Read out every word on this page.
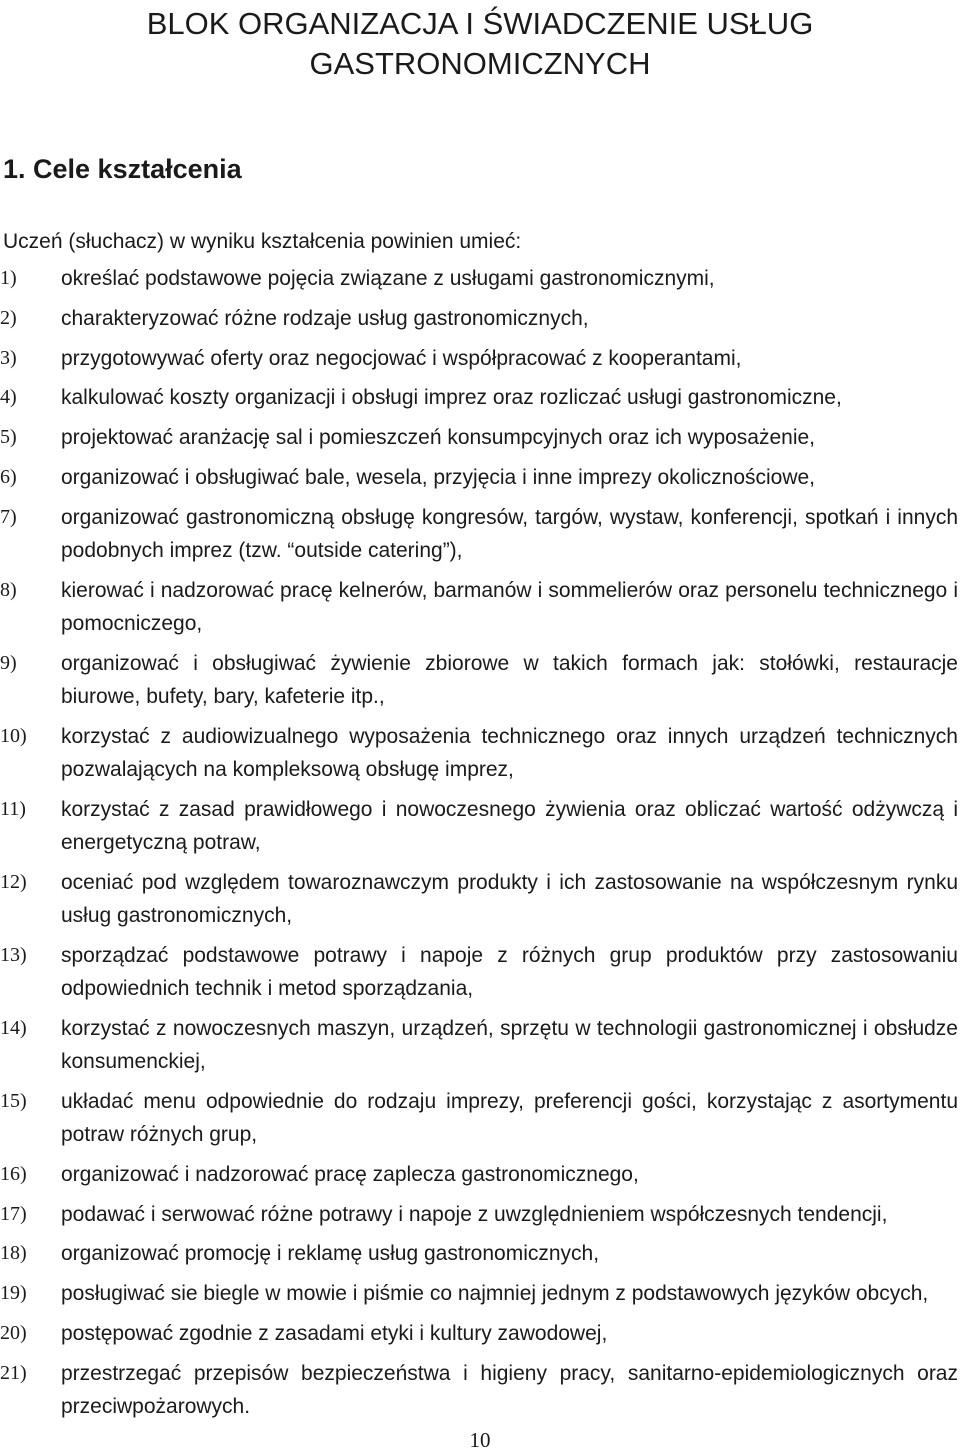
BLOK ORGANIZACJA I ŚWIADCZENIE USŁUG GASTRONOMICZNYCH
1. Cele kształcenia
Uczeń (słuchacz) w wyniku kształcenia powinien umieć:
1) określać podstawowe pojęcia związane z usługami gastronomicznymi,
2) charakteryzować różne rodzaje usług gastronomicznych,
3) przygotowywać oferty oraz negocjować i współpracować z kooperantami,
4) kalkulować koszty organizacji i obsługi imprez oraz rozliczać usługi gastronomiczne,
5) projektować aranżację sal i pomieszczeń konsumpcyjnych oraz ich wyposażenie,
6) organizować i obsługiwać bale, wesela, przyjęcia i inne imprezy okolicznościowe,
7) organizować gastronomiczną obsługę kongresów, targów, wystaw, konferencji, spotkań i innych podobnych imprez (tzw. “outside catering”),
8) kierować i nadzorować pracę kelnerów, barmanów i sommelierów oraz personelu technicznego i pomocniczego,
9) organizować i obsługiwać żywienie zbiorowe w takich formach jak: stołówki, restauracje biurowe, bufety, bary, kafeterie itp.,
10) korzystać z audiowizualnego wyposażenia technicznego oraz innych urządzeń technicznych pozwalających na kompleksową obsługę imprez,
11) korzystać z zasad prawidłowego i nowoczesnego żywienia oraz obliczać wartość odżywczą i energetyczną potraw,
12) oceniać pod względem towaroznawczym produkty i ich zastosowanie na współczesnym rynku usług gastronomicznych,
13) sporządzać podstawowe potrawy i napoje z różnych grup produktów przy zastosowaniu odpowiednich technik i metod sporządzania,
14) korzystać z nowoczesnych maszyn, urządzeń, sprzętu w technologii gastronomicznej i obsłudze konsumenckiej,
15) układać menu odpowiednie do rodzaju imprezy, preferencji gości, korzystając z asortymentu potraw różnych grup,
16) organizować i nadzorować pracę zaplecza gastronomicznego,
17) podawać i serwować różne potrawy i napoje z uwzględnieniem współczesnych tendencji,
18) organizować promocję i reklamę usług gastronomicznych,
19) posługiwać sie biegle w mowie i piśmie co najmniej jednym z podstawowych języków obcych,
20) postępować zgodnie z zasadami etyki i kultury zawodowej,
21) przestrzegać przepisów bezpieczeństwa i higieny pracy, sanitarno-epidemiologicznych oraz przeciwpożarowych.
10
